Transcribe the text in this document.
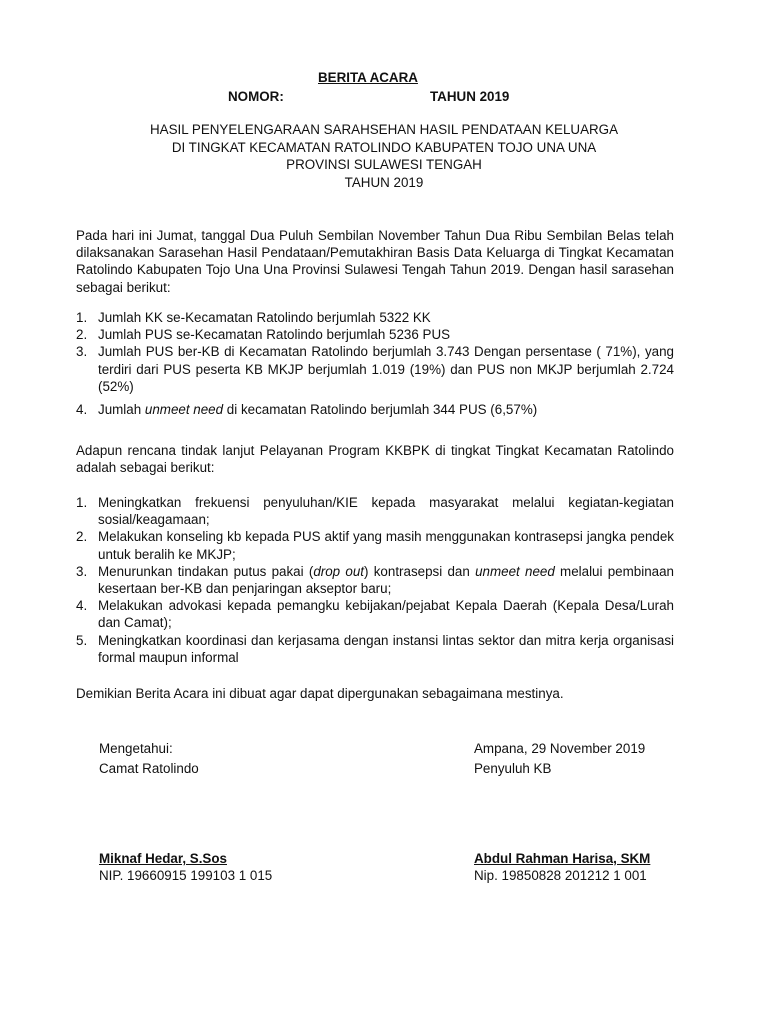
BERITA ACARA
NOMOR:	TAHUN 2019
HASIL PENYELENGARAAN SARAHSEHAN HASIL PENDATAAN KELUARGA
DI TINGKAT KECAMATAN RATOLINDO KABUPATEN TOJO UNA UNA
PROVINSI SULAWESI TENGAH
TAHUN 2019
Pada hari ini Jumat, tanggal Dua Puluh Sembilan November Tahun Dua Ribu Sembilan Belas telah dilaksanakan Sarasehan Hasil Pendataan/Pemutakhiran Basis Data Keluarga di Tingkat Kecamatan Ratolindo Kabupaten Tojo Una Una Provinsi Sulawesi Tengah Tahun 2019. Dengan hasil sarasehan sebagai berikut:
1. Jumlah KK se-Kecamatan Ratolindo berjumlah 5322 KK
2. Jumlah PUS se-Kecamatan Ratolindo berjumlah 5236 PUS
3. Jumlah PUS ber-KB di Kecamatan Ratolindo berjumlah 3.743 Dengan persentase ( 71%), yang terdiri dari PUS peserta KB MKJP berjumlah 1.019 (19%) dan PUS non MKJP berjumlah 2.724 (52%)
4. Jumlah unmeet need di kecamatan Ratolindo berjumlah 344 PUS (6,57%)
Adapun rencana tindak lanjut Pelayanan Program KKBPK di tingkat Tingkat Kecamatan Ratolindo adalah sebagai berikut:
1. Meningkatkan frekuensi penyuluhan/KIE kepada masyarakat melalui kegiatan-kegiatan sosial/keagamaan;
2. Melakukan konseling kb kepada PUS aktif yang masih menggunakan kontrasepsi jangka pendek untuk beralih ke MKJP;
3. Menurunkan tindakan putus pakai (drop out) kontrasepsi dan unmeet need melalui pembinaan kesertaan ber-KB dan penjaringan akseptor baru;
4. Melakukan advokasi kepada pemangku kebijakan/pejabat Kepala Daerah (Kepala Desa/Lurah dan Camat);
5. Meningkatkan koordinasi dan kerjasama dengan instansi lintas sektor dan mitra kerja organisasi formal maupun informal
Demikian Berita Acara ini dibuat agar dapat dipergunakan sebagaimana mestinya.
Mengetahui:
Camat Ratolindo
Miknaf Hedar, S.Sos
NIP. 19660915 199103 1 015
Ampana, 29 November 2019
Penyuluh KB
Abdul Rahman Harisa, SKM
Nip. 19850828 201212 1 001
